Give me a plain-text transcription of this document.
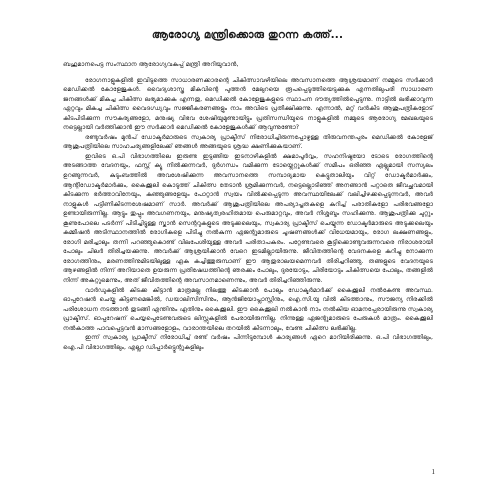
ആരോഗ്യ മന്ത്രിക്കൊരു തുറന്ന കത്ത്...

ബഹുമാനപെട്ട സംസ്ഥാന ആരോഗ്യവകുപ്പ് മന്ത്രി അറിയുവാൻ,

രോഗനാളുകളിൽ ഇവിടുത്തെ സാധാരണക്കാരന്റെ ചികിത്സാവഴിയിലെ അവസാനത്തെ ആശ്രയമാണ് നമ്മുടെ സർക്കാർ മെഡിക്കൽ കോളേജുകൾ. വൈദ്യശാസ്ത്ര മികവിന്റെ പുത്തൻ മേലുറയെ രൂപപ്പെടുത്തിയെടുക്കുക എന്നതിലുപരി സാധാരണ ജനങ്ങൾക്ക് മികച്ച ചികിത്സ ലഭ്യമാക്കുക എന്നതു, മെഡിക്കൽ കോളേജുകളുടെ സ്ഥാപന ദൗത്യത്തിൽപ്പെടുന്നു. നാട്ടിൽ ലഭിക്കാവുന്ന ഏറ്റവും മികച്ച ചികിത്സ വൈദഗ്ധ്യവും സജ്ജീകരണങ്ങളും നാം അവിടെ പ്രതീക്ഷിക്കുന്നു. എന്നാൽ, മറ്റ് വൻകിട ആശുപത്രികളോട് കിടപിടിക്കുന്ന സൗകര്യങ്ങളോ, മനുഷ്യ വിഭവ ശേഷിയുമുണ്ടായിട്ടും പ്രതിസന്ധിയുടെ നാളുകളിൽ നമ്മുടെ ആരോഗ്യ മേഖലയുടെ നട്ടെല്ലായി വർത്തിക്കാൻ ഈ സർക്കാർ മെഡിക്കൽ കോളേജുകൾക്ക് ആവുന്നുണ്ടോ?

രണ്ടുവർഷം മുൻപ് ഡോക്ടർമാരുടെ സ്വകാര്യ പ്രാക്ടീസ് നിരോധിച്ചിരുന്നപ്പോഴുള്ള തിരുവനന്തപുരം മെഡിക്കൽ കോളേജ് ആശുപത്രിയിലെ സാഹചര്യങ്ങളിലേക്ക് ഞങ്ങൾ അങ്ങയുടെ ശ്രദ്ധ ക്ഷണിക്കുകയാണ്.

ഇവിടെ ഒ.പി വിഭാഗത്തിലെ ഇരുണ്ട ഇടുങ്ങിയ ഇടനാഴികളിൽ ക്ഷമാപൂർവ്വം, സഹനിഷ്ഠയോ ടോടെ രോഗത്തിന്റെ അടങ്ങാത്ത വേദനയും, ഫസ്റ്റ് ക്യൂ നിൽക്കുന്നവർ, ദുർഗന്ധം വമിക്കുന്ന ടോയ്ലെറ്റുകൾക്ക് സമീപം ഒരിഞ്ഞ എല്ലുമായി സസ്യലം ഉറങ്ങുന്നവർ, കുടുംബത്തിൽ അവശേഷിക്കുന്ന അവസാനത്തെ സമ്പാദ്യമായ കെട്ടുതാലിയും വിറ്റ് ഡോക്ടർമാർക്കും, ആന്റിഡോക്ടർമാർക്കും, കൈക്കൂലി കൊടുത്ത് ചികിത്സ തേടാൻ ശ്രമിക്കുന്നവർ, നട്ടെല്ലൊടിഞ്ഞ് അനങ്ങാൻ പറ്റാതെ ജീവച്ഛവമായി കിടക്കുന്ന ഭർത്താവിനേയും, കുഞ്ഞുങ്ങളേയും പോറ്റാൻ സ്വയം വിൽക്കപ്പെടുന്ന അവസ്ഥയിലേക്ക് വലിച്ചിഴക്കപ്പെടുന്നവർ, അവർ നാളുകൾ പട്ടിണികിടന്നശേഷമാണ് സാർ. അവർക്ക് ആശുപത്രിയിലെ അപര്യാപ്തതകളെ കുറിച്ച് പരാതികളോ പരിഭവങ്ങളോ ഉണ്ടായിരുന്നില്ല. ആട്ടും തുപ്പും അവഗണനയും, മനുഷ്യത്വരഹിതമായ പെരുമാറ്റവും, അവർ നിശ്ശബ്ദം സഹിക്കുന്നു. ആശുപത്രിക്കു ചുറ്റും കൂണുപോലെ പടർന്ന് പിടിച്ചിട്ടുള്ള സ്കാൻ സെന്ററുകളുടെ അടുക്കലെയും, സ്വകാര്യ പ്രാക്ടീസ് ചെയ്യുന്ന ഡോക്ടർമാരുടെ അടുക്കലെയും കമ്മീഷൻ അടിസ്ഥാനത്തിൽ രോഗികളെ പിടിച്ചു നൽകുന്ന ഏജന്റുമാരുടെ ചൂഷണങ്ങൾക്ക് വിധേയമായും, രോഗ ലക്ഷണങ്ങളും, രോഗി മരിച്ചാലും തന്നി പറഞ്ഞുകൊണ്ട് വിലപേശിയുള്ള അവർ പരിതാപകരം. പറ്റേണ്ടവരെ കൂട്ടിക്കൊണ്ടുവരുന്നവരെ നിരാശരായി പോലും ചിലർ തിരിച്ചയക്കുന്നു. അവർക്ക് ആശ്രയിക്കാൻ വേറെ ഇടമില്ലായിരുന്നു. ജീവിതത്തിന്റെ വേദനകളെ കുറിച്ചു നോക്കുന്ന രോഗത്തിനും, മരണത്തിനുമിടയിലുള്ള ഏക കച്ചിത്തുരുമ്പാണ് ഈ ആതുരാലയമെന്നവർ തിരിച്ചറിഞ്ഞു. തങ്ങളുടെ വേദനയുടെ ആഴങ്ങളിൽ നിന്ന് അറിയാതെ ഉയരുന്ന പ്രതിഷേധത്തിന്റെ ഞരക്കം പോലും, ദുരയോടും, ചിരിയോടും ചികിത്സയെ പോലും, തങ്ങളിൽ നിന്ന് അകറ്റുമെന്നും, അത് ജീവിതത്തിന്റെ അവസാനമാണെന്നും, അവർ തിരിച്ചറിഞ്ഞിരുന്നു.

വാർഡുകളിൽ കിടക്ക കിട്ടാൻ മാത്രമല്ല നിലത്തു കിടക്കാൻ പോലും ഡോക്ടർമാർക്ക് കൈക്കൂലി നൽകേണ്ട അവസ്ഥ. ഓപ്പറേഷൻ ചെയ്തു കിട്ടണമെങ്കിൽ, ഡയാലിസിസിനും, ആൻജിയോപ്ലാസ്റ്റിനും, ഐ.സി.യു വിൽ കിടത്താനും, സൗജന്യ നിരക്കിൽ പരിശോധന നടത്താൻ തുടങ്ങി എന്തിനും ഏതിനും കൈക്കൂലി. ഈ കൈക്കൂലി നൽകാൻ നാം നൽകിയ ഓമനപ്പേരായിരുന്നു സ്വകാര്യ പ്രാക്ടീസ്. ഓപ്പറേഷന് ചെയ്യപ്പെടേണ്ടവരുടെ ലിസ്റ്റുകളിൽ പേരായിരുന്നില്ല. നിന്നുള്ള ഏജന്റുമാരുടെ പേരുകൾ മാത്രം. കൈക്കൂലി നൽകാത്ത പാവപ്പെട്ടവൻ മാസങ്ങളോളം, വാരാന്തയിലെ തറയിൽ കിടന്നാലും, വേണ്ട ചികിത്സ ലഭിക്കില്ല.

ഇന്ന് സ്വകാര്യ പ്രാക്ടീസ് നിരോധിച്ച് രണ്ട് വർഷം പിന്നിടുമ്പോൾ കാര്യങ്ങൾ ഏറെ മാറിയിരിക്കുന്നു. ഒ.പി വിഭാഗത്തിലും, ഐ.പി വിഭാഗത്തിലും, എല്ലാ ഡിപ്പാർട്ട്മെന്റുകളിലും

1
